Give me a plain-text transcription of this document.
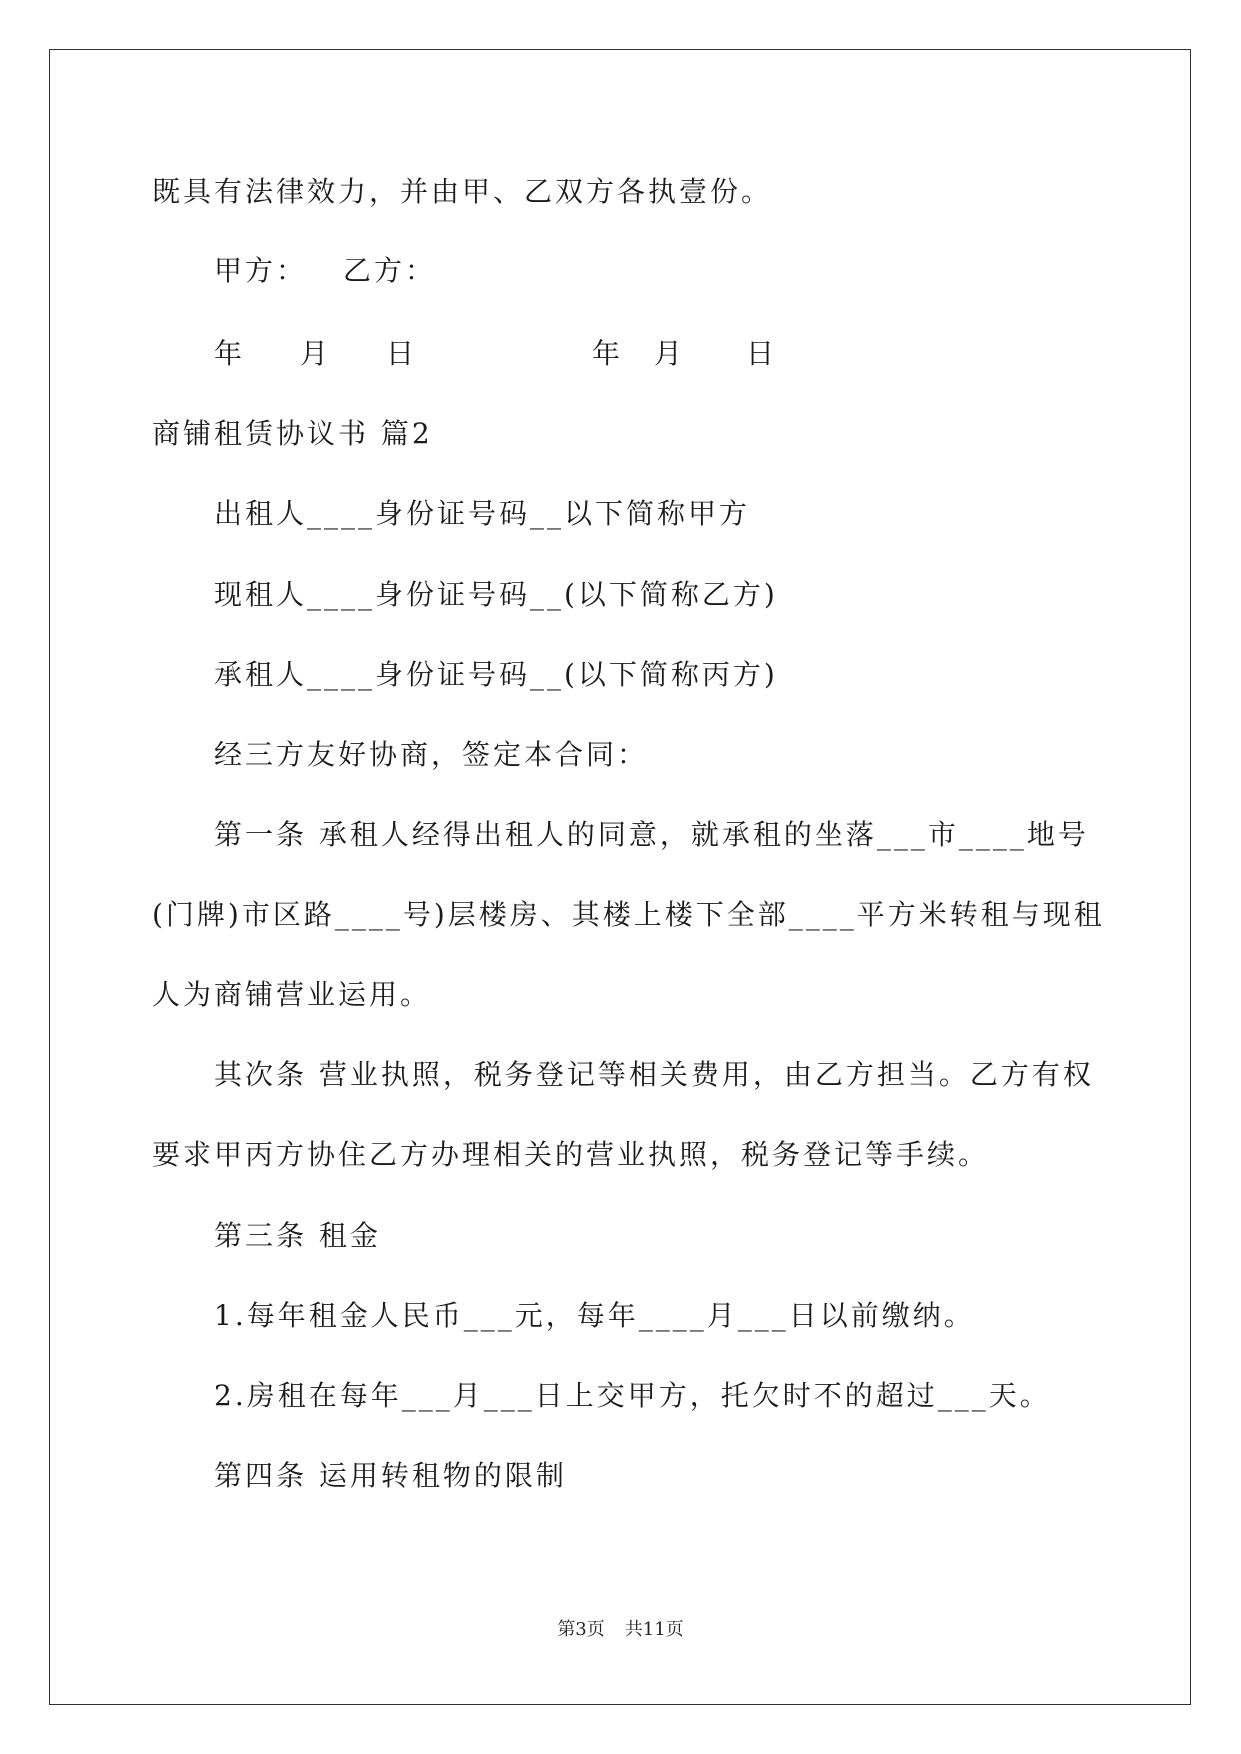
既具有法律效力，并由甲、乙双方各执壹份。
甲方： 乙方：
年 月 日	年 月 日
商铺租赁协议书 篇2
出租人____身份证号码__以下简称甲方
现租人____身份证号码__(以下简称乙方)
承租人____身份证号码__(以下简称丙方)
经三方友好协商，签定本合同：
第一条 承租人经得出租人的同意，就承租的坐落___市____地号
(门牌)市区路____号)层楼房、其楼上楼下全部____平方米转租与现租
人为商铺营业运用。
其次条 营业执照，税务登记等相关费用，由乙方担当。乙方有权
要求甲丙方协住乙方办理相关的营业执照，税务登记等手续。
第三条 租金
1.每年租金人民币___元，每年____月___日以前缴纳。
2.房租在每年___月___日上交甲方，托欠时不的超过___天。
第四条 运用转租物的限制
第3页 共11页
